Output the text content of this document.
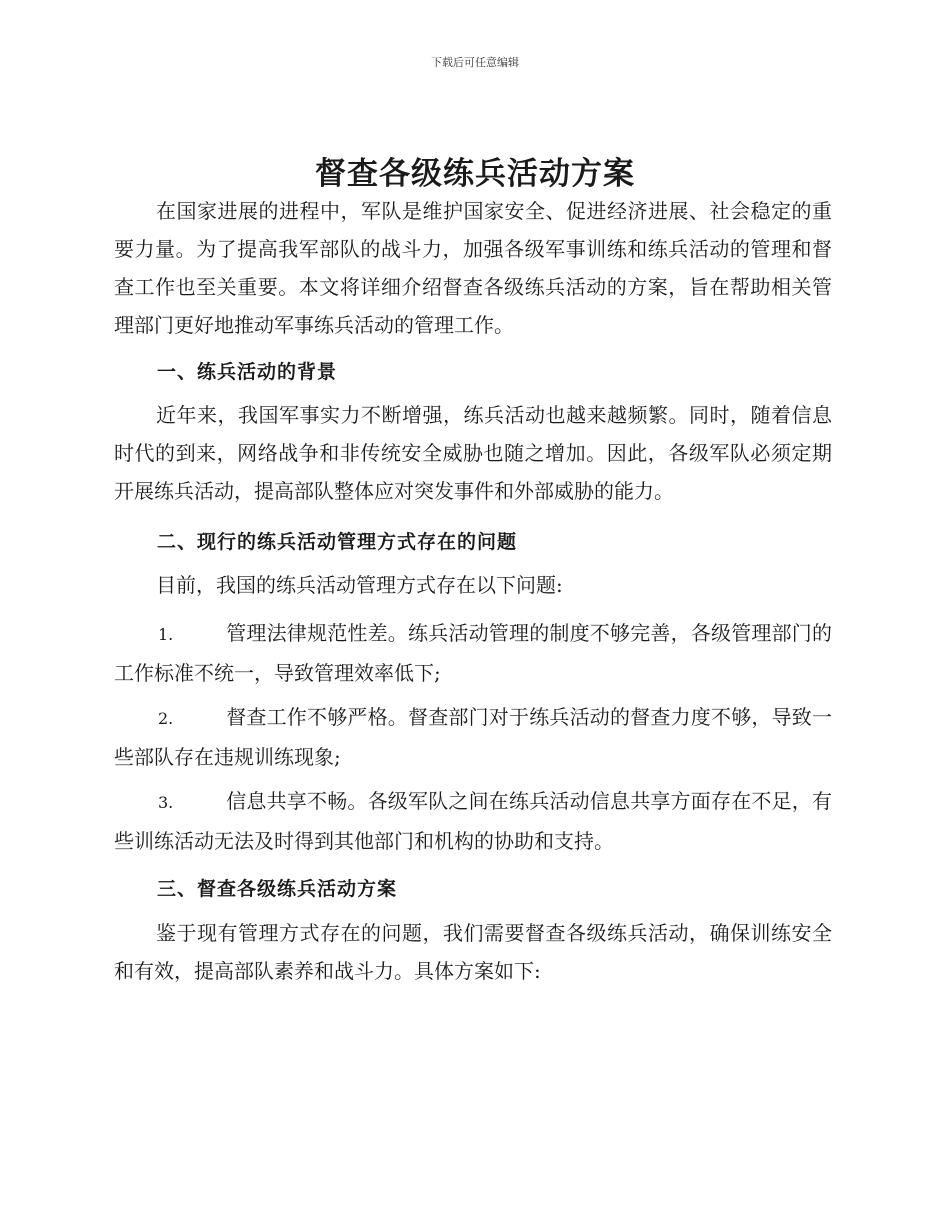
下载后可任意编辑
督查各级练兵活动方案

在国家进展的进程中，军队是维护国家安全、促进经济进展、社会稳定的重要力量。为了提高我军部队的战斗力，加强各级军事训练和练兵活动的管理和督查工作也至关重要。本文将详细介绍督查各级练兵活动的方案，旨在帮助相关管理部门更好地推动军事练兵活动的管理工作。

一、练兵活动的背景

近年来，我国军事实力不断增强，练兵活动也越来越频繁。同时，随着信息时代的到来，网络战争和非传统安全威胁也随之增加。因此，各级军队必须定期开展练兵活动，提高部队整体应对突发事件和外部威胁的能力。

二、现行的练兵活动管理方式存在的问题

目前，我国的练兵活动管理方式存在以下问题:

1.	管理法律规范性差。练兵活动管理的制度不够完善，各级管理部门的工作标准不统一，导致管理效率低下;

2.	督查工作不够严格。督查部门对于练兵活动的督查力度不够，导致一些部队存在违规训练现象;

3.	信息共享不畅。各级军队之间在练兵活动信息共享方面存在不足，有些训练活动无法及时得到其他部门和机构的协助和支持。

三、督查各级练兵活动方案

鉴于现有管理方式存在的问题，我们需要督查各级练兵活动，确保训练安全和有效，提高部队素养和战斗力。具体方案如下:
